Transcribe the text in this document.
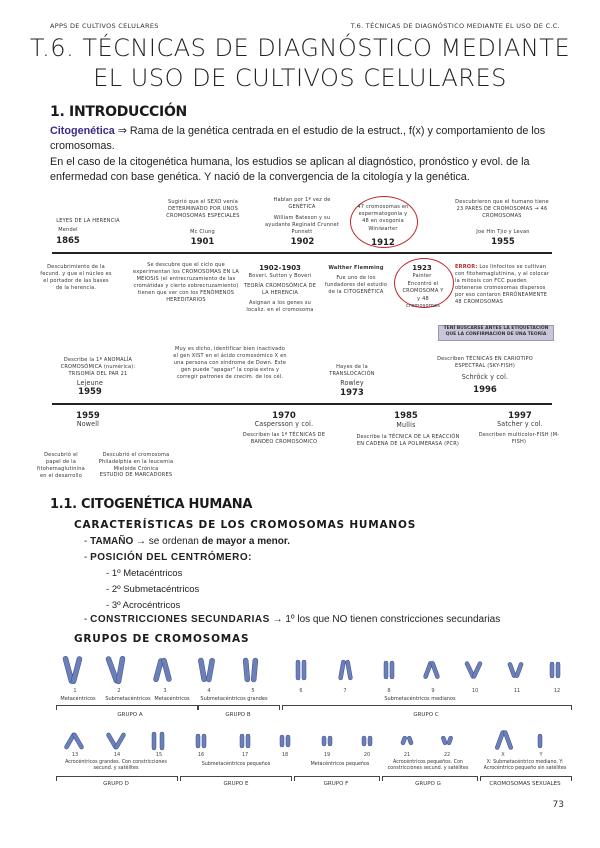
APPS DE CULTIVOS CELULARES	T.6. TÉCNICAS DE DIAGNÓSTICO MEDIANTE EL USO DE C.C.
T.6. TÉCNICAS DE DIAGNÓSTICO MEDIANTE
EL USO DE CULTIVOS CELULARES
1. INTRODUCCIÓN
Citogenética ⇒ Rama de la genética centrada en el estudio de la estruct., f(x) y comportamiento de los cromosomas.
En el caso de la citogenética humana, los estudios se aplican al diagnóstico, pronóstico y evol. de la enfermedad con base genética. Y nació de la convergencia de la citología y la genética.
LEYES DE LA HERENCIA
Mendel
1865
Sugirió que el SEXO venía DETERMINADO POR UNOS CROMOSOMAS ESPECIALES
Mc Clung
1901
Hablan por 1ª vez de GENÉTICA
William Bateson y su ayudante Reginald Crunnet Punnett
1902
47 cromosomas en espermatogonia y 48 en ovogonia
Winiwarter
1912
Descubrieron que el humano tiene 23 PARES DE CROMOSOMAS → 46 CROMOSOMAS
Joe Hin Tjio y Levan
1955
Descubrimiento de la fecund. y que el núcleo es el portador de las bases de la herencia.
Se descubre que el ciclo que experimentan los CROMOSOMAS EN LA MEIOSIS (el entrecruzamiento de las cromátidas y cierto sobrecruzamiento) tienen que ver con los FENÓMENOS HEREDITARIOS
1902-1903
Boveri, Sutton y Boveri
TEORÍA CROMOSÓMICA DE LA HERENCIA
Asignan a los genes su localiz. en el cromosoma
Walther Flemming
Fue uno de los fundadores del estudio de la CITOGENÉTICA
1923
Painter
Encontró el CROMOSOMA Y
y 48 cromosomas
ERROR: Los linfocitos se cultivan con fitohemaglutinina, y al colocar la mitosis con FCC pueden obtenerse cromosomas dispersos por eso contaron ERRÓNEAMENTE 48 CROMOSOMAS
TENÍ BUSCARSE ANTES LA ETIQUETACIÓN QUE LA CONFIRMACIÓN DE UNA TEORÍA
Describe la 1ª ANOMALÍA CROMOSÓMICA (numérica): TRISOMÍA DEL PAR 21
Lejeune
1959
Muy es dicho, identificar bien inactivado el gen XIST en el ácido cromosómico X en una persona con síndrome de Down. Este gen puede "apagar" la copia extra y corregir patrones de crecim. de los cél.
Hayes de la
TRANSLOCACIÓN
Rowley
1973
Describen TÉCNICAS EN CARIOTIPO ESPECTRAL (SKY-FISH)
Schröck y col.
1996
1959
Nowell
Descubrió el papel de la fitohemaglutinina en el desarrollo
Descubrió el cromosoma Philadelphia en la leucemia Mieloide Crónica
ESTUDIO DE MARCADORES
1970
Caspersson y col.
Describen las 1ª TÉCNICAS DE BANDEO CROMOSÓMICO
1985
Mullis
Describe la TÉCNICA DE LA REACCIÓN EN CADENA DE LA POLIMERASA (PCR)
1997
Satcher y col.
Describen multicolor-FISH (M-FISH)
1.1. CITOGENÉTICA HUMANA
CARACTERÍSTICAS DE LOS CROMOSOMAS HUMANOS
- TAMAÑO → se ordenan de mayor a menor.
- POSICIÓN DEL CENTRÓMERO:
- 1º Metacéntricos
- 2º Submetacéntricos
- 3º Acrocéntricos
- CONSTRICCIONES SECUNDARIAS → 1º los que NO tienen constricciones secundarias
GRUPOS DE CROMOSOMAS
1	2	3	4	5	6	7	8	9	10	11	12
Metacéntricos	Submetacéntricos Metacéntricos	Submetacéntricos grandes	Submetacéntricos medianos
GRUPO A	GRUPO B	GRUPO C
13	14	15	16	17	18	19	20	21	22	X	Y
Acrocéntricos grandes. Con constricciones secund. y satélites
Submetacéntricos pequeños	Metacéntricos pequeños	Acrocéntricos pequeños. Con constricciones secund. y satélites
X: Submetacéntrico mediano. Y: Acrocéntrico pequeño sin satélites
GRUPO D	GRUPO E	GRUPO F	GRUPO G	CROMOSOMAS SEXUALES
73
